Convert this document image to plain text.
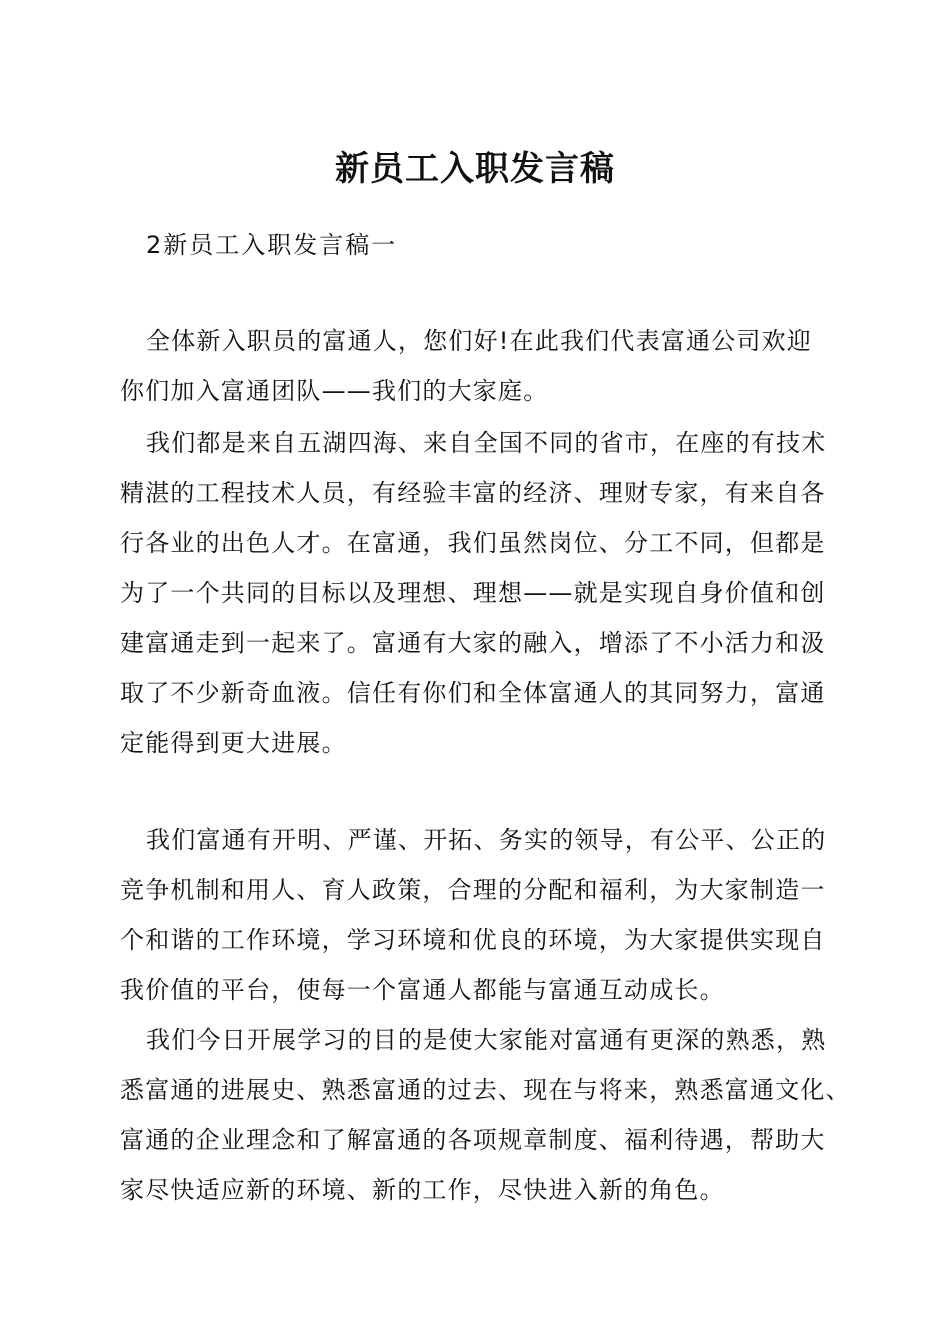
新员工入职发言稿

2新员工入职发言稿一

全体新入职员的富通人，您们好!在此我们代表富通公司欢迎
你们加入富通团队——我们的大家庭。
我们都是来自五湖四海、来自全国不同的省市，在座的有技术
精湛的工程技术人员，有经验丰富的经济、理财专家，有来自各
行各业的出色人才。在富通，我们虽然岗位、分工不同，但都是
为了一个共同的目标以及理想、理想——就是实现自身价值和创
建富通走到一起来了。富通有大家的融入，增添了不小活力和汲
取了不少新奇血液。信任有你们和全体富通人的其同努力，富通
定能得到更大进展。
我们富通有开明、严谨、开拓、务实的领导，有公平、公正的
竞争机制和用人、育人政策，合理的分配和福利，为大家制造一
个和谐的工作环境，学习环境和优良的环境，为大家提供实现自
我价值的平台，使每一个富通人都能与富通互动成长。
我们今日开展学习的目的是使大家能对富通有更深的熟悉，熟
悉富通的进展史、熟悉富通的过去、现在与将来，熟悉富通文化、
富通的企业理念和了解富通的各项规章制度、福利待遇，帮助大
家尽快适应新的环境、新的工作，尽快进入新的角色。
